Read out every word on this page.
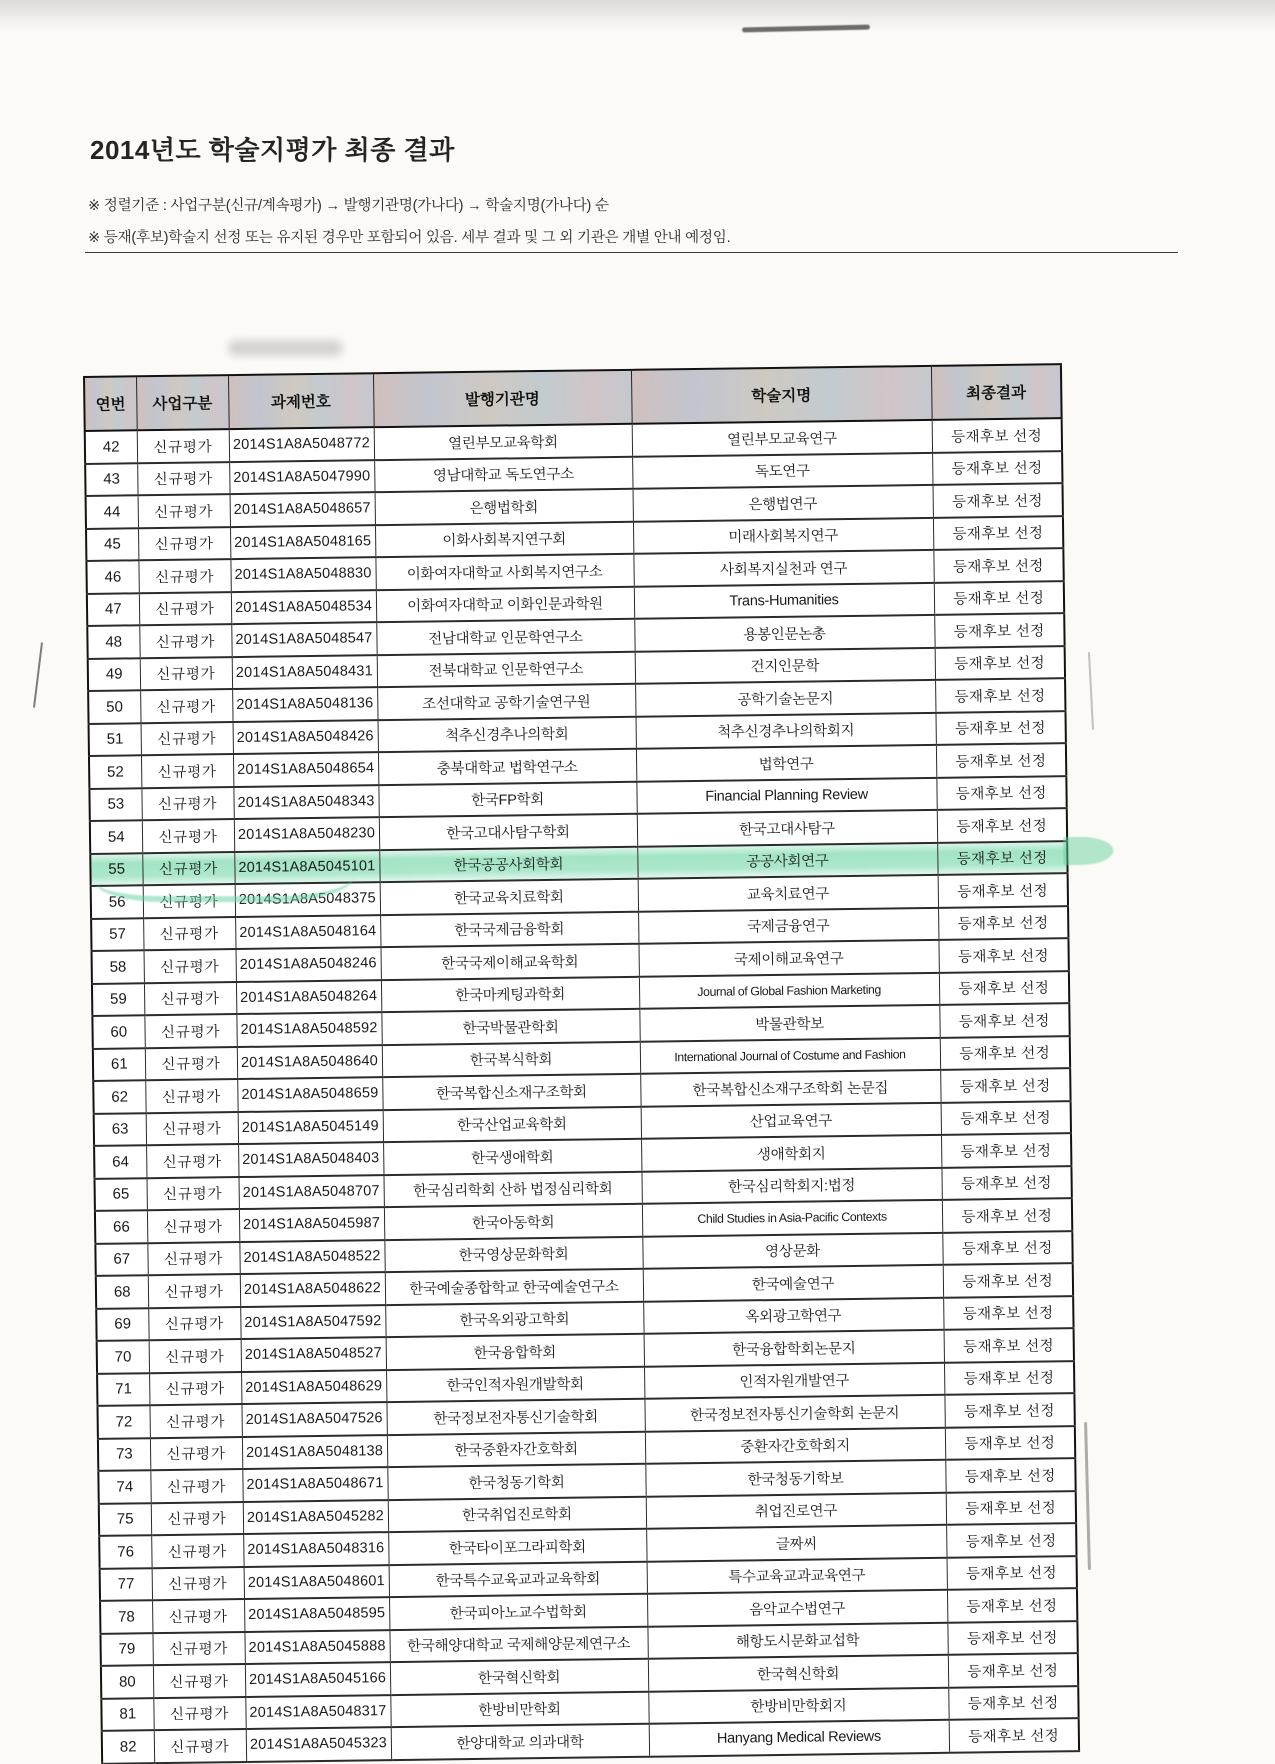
2014년도 학술지평가 최종 결과

※ 정렬기준 : 사업구분(신규/계속평가) → 발행기관명(가나다) → 학술지명(가나다) 순

※ 등재(후보)학술지 선정 또는 유지된 경우만 포함되어 있음. 세부 결과 및 그 외 기관은 개별 안내 예정임.

연번	사업구분	과제번호	발행기관명	학술지명	최종결과
42	신규평가	2014S1A8A5048772	열린부모교육학회	열린부모교육연구	등재후보 선정
43	신규평가	2014S1A8A5047990	영남대학교 독도연구소	독도연구	등재후보 선정
44	신규평가	2014S1A8A5048657	은행법학회	은행법연구	등재후보 선정
45	신규평가	2014S1A8A5048165	이화사회복지연구회	미래사회복지연구	등재후보 선정
46	신규평가	2014S1A8A5048830	이화여자대학교 사회복지연구소	사회복지실천과 연구	등재후보 선정
47	신규평가	2014S1A8A5048534	이화여자대학교 이화인문과학원	Trans-Humanities	등재후보 선정
48	신규평가	2014S1A8A5048547	전남대학교 인문학연구소	용봉인문논총	등재후보 선정
49	신규평가	2014S1A8A5048431	전북대학교 인문학연구소	건지인문학	등재후보 선정
50	신규평가	2014S1A8A5048136	조선대학교 공학기술연구원	공학기술논문지	등재후보 선정
51	신규평가	2014S1A8A5048426	척추신경추나의학회	척추신경추나의학회지	등재후보 선정
52	신규평가	2014S1A8A5048654	충북대학교 법학연구소	법학연구	등재후보 선정
53	신규평가	2014S1A8A5048343	한국FP학회	Financial Planning Review	등재후보 선정
54	신규평가	2014S1A8A5048230	한국고대사탐구학회	한국고대사탐구	등재후보 선정
55	신규평가	2014S1A8A5045101	한국공공사회학회	공공사회연구	등재후보 선정
56	신규평가	2014S1A8A5048375	한국교육치료학회	교육치료연구	등재후보 선정
57	신규평가	2014S1A8A5048164	한국국제금융학회	국제금융연구	등재후보 선정
58	신규평가	2014S1A8A5048246	한국국제이해교육학회	국제이해교육연구	등재후보 선정
59	신규평가	2014S1A8A5048264	한국마케팅과학회	Journal of Global Fashion Marketing	등재후보 선정
60	신규평가	2014S1A8A5048592	한국박물관학회	박물관학보	등재후보 선정
61	신규평가	2014S1A8A5048640	한국복식학회	International Journal of Costume and Fashion	등재후보 선정
62	신규평가	2014S1A8A5048659	한국복합신소재구조학회	한국복합신소재구조학회 논문집	등재후보 선정
63	신규평가	2014S1A8A5045149	한국산업교육학회	산업교육연구	등재후보 선정
64	신규평가	2014S1A8A5048403	한국생애학회	생애학회지	등재후보 선정
65	신규평가	2014S1A8A5048707	한국심리학회 산하 법정심리학회	한국심리학회지:법정	등재후보 선정
66	신규평가	2014S1A8A5045987	한국아동학회	Child Studies in Asia-Pacific Contexts	등재후보 선정
67	신규평가	2014S1A8A5048522	한국영상문화학회	영상문화	등재후보 선정
68	신규평가	2014S1A8A5048622	한국예술종합학교 한국예술연구소	한국예술연구	등재후보 선정
69	신규평가	2014S1A8A5047592	한국옥외광고학회	옥외광고학연구	등재후보 선정
70	신규평가	2014S1A8A5048527	한국융합학회	한국융합학회논문지	등재후보 선정
71	신규평가	2014S1A8A5048629	한국인적자원개발학회	인적자원개발연구	등재후보 선정
72	신규평가	2014S1A8A5047526	한국정보전자통신기술학회	한국정보전자통신기술학회 논문지	등재후보 선정
73	신규평가	2014S1A8A5048138	한국중환자간호학회	중환자간호학회지	등재후보 선정
74	신규평가	2014S1A8A5048671	한국청동기학회	한국청동기학보	등재후보 선정
75	신규평가	2014S1A8A5045282	한국취업진로학회	취업진로연구	등재후보 선정
76	신규평가	2014S1A8A5048316	한국타이포그라피학회	글짜씨	등재후보 선정
77	신규평가	2014S1A8A5048601	한국특수교육교과교육학회	특수교육교과교육연구	등재후보 선정
78	신규평가	2014S1A8A5048595	한국피아노교수법학회	음악교수법연구	등재후보 선정
79	신규평가	2014S1A8A5045888	한국해양대학교 국제해양문제연구소	해항도시문화교섭학	등재후보 선정
80	신규평가	2014S1A8A5045166	한국혁신학회	한국혁신학회	등재후보 선정
81	신규평가	2014S1A8A5048317	한방비만학회	한방비만학회지	등재후보 선정
82	신규평가	2014S1A8A5045323	한양대학교 의과대학	Hanyang Medical Reviews	등재후보 선정
